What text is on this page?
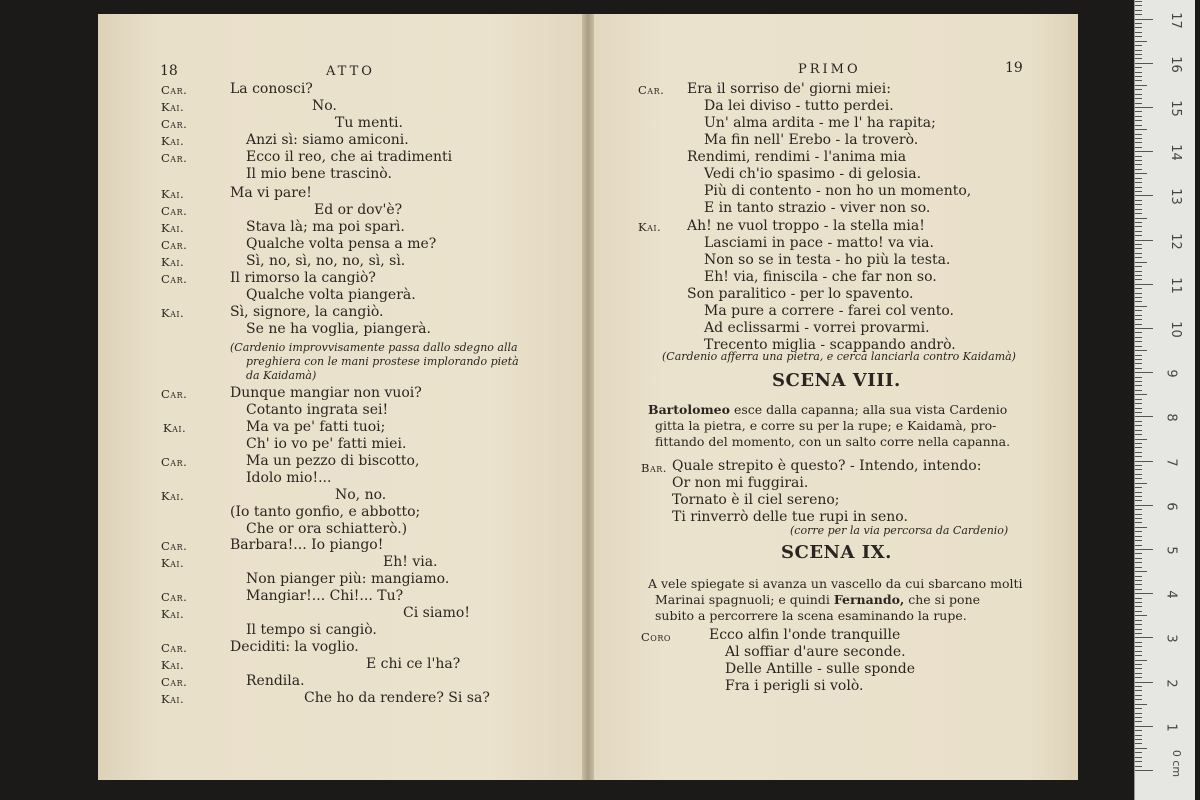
18	ATTO
Car.	La conosci?
Kai.	No.
Car.	Tu menti.
Kai.	Anzi sì: siamo amiconi.
Car.	Ecco il reo, che ai tradimenti
Il mio bene trascinò.
Kai.	Ma vi pare!
Car.	Ed or dov'è?
Kai.	Stava là; ma poi sparì.
Car.	Qualche volta pensa a me?
Kai.	Sì, no, sì, no, no, sì, sì.
Car.	Il rimorso la cangiò?
Qualche volta piangerà.
Kai.	Sì, signore, la cangiò.
Se ne ha voglia, piangerà.
(Cardenio improvvisamente passa dallo sdegno alla
preghiera con le mani prostese implorando pietà
da Kaidamà)
Car.	Dunque mangiar non vuoi?
Cotanto ingrata sei!
Kai.	Ma va pe' fatti tuoi;
Ch' io vo pe' fatti miei.
Car.	Ma un pezzo di biscotto,
Idolo mio!...
Kai.	No, no.
(Io tanto gonfio, e abbotto;
Che or ora schiatterò.)
Car.	Barbara!... Io piango!
Kai.	Eh! via.
Non pianger più: mangiamo.
Car.	Mangiar!... Chi!... Tu?
Kai.	Ci siamo!
Il tempo si cangiò.
Car.	Deciditi: la voglio.
Kai.	E chi ce l'ha?
Car.	Rendila.
Kai.	Che ho da rendere? Si sa?
PRIMO	19
Car. Era il sorriso de' giorni miei:
Da lei diviso - tutto perdei.
Un' alma ardita - me l' ha rapita;
Ma fin nell' Erebo - la troverò.
Rendimi, rendimi - l'anima mia
Vedi ch'io spasimo - di gelosia.
Più di contento - non ho un momento,
E in tanto strazio - viver non so.
Kai. Ah! ne vuol troppo - la stella mia!
Lasciami in pace - matto! va via.
Non so se in testa - ho più la testa.
Eh! via, finiscila - che far non so.
Son paralitico - per lo spavento.
Ma pure a correre - farei col vento.
Ad eclissarmi - vorrei provarmi.
Trecento miglia - scappando andrò.
(Cardenio afferra una pietra, e cerca lanciarla contro Kaidamà)
SCENA VIII.
Bartolomeo esce dalla capanna; alla sua vista Cardenio
gitta la pietra, e corre su per la rupe; e Kaidamà, pro-
fittando del momento, con un salto corre nella capanna.
Bar. Quale strepito è questo? - Intendo, intendo:
Or non mi fuggirai.
Tornato è il ciel sereno;
Ti rinverrò delle tue rupi in seno.
(corre per la via percorsa da Cardenio)
SCENA IX.
A vele spiegate si avanza un vascello da cui sbarcano molti
Marinai spagnuoli; e quindi Fernando, che si pone
subito a percorrere la scena esaminando la rupe.
Coro	Ecco alfin l'onde tranquille
Al soffiar d'aure seconde.
Delle Antille - sulle sponde
Fra i perigli si volò.
0 cm
1
2
3
4
5
6
7
8
9
10
11
12
13
14
15
16
17
